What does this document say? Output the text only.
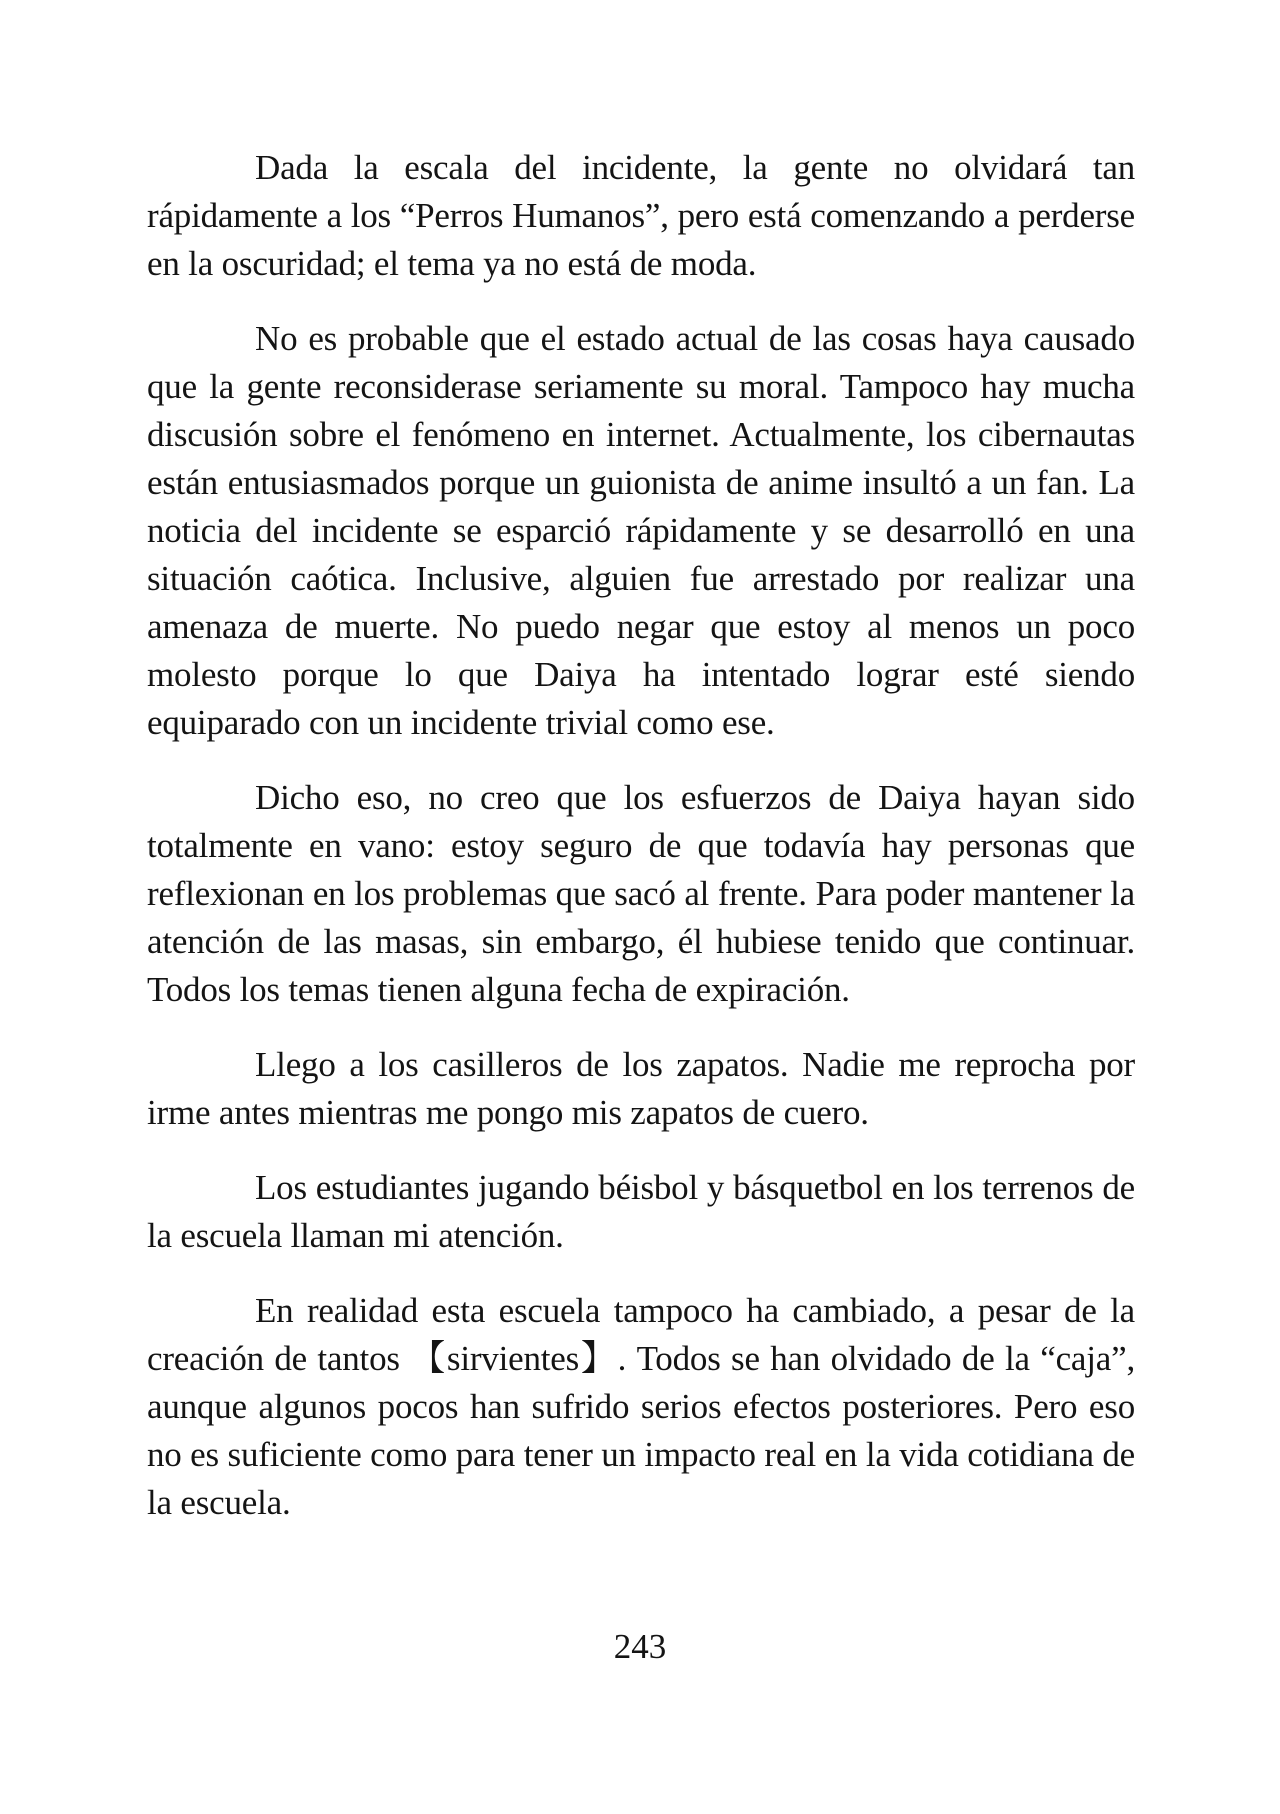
Dada la escala del incidente, la gente no olvidará tan rápidamente a los “Perros Humanos”, pero está comenzando a perderse en la oscuridad; el tema ya no está de moda.

No es probable que el estado actual de las cosas haya causado que la gente reconsiderase seriamente su moral. Tampoco hay mucha discusión sobre el fenómeno en internet. Actualmente, los cibernautas están entusiasmados porque un guionista de anime insultó a un fan. La noticia del incidente se esparció rápidamente y se desarrolló en una situación caótica. Inclusive, alguien fue arrestado por realizar una amenaza de muerte. No puedo negar que estoy al menos un poco molesto porque lo que Daiya ha intentado lograr esté siendo equiparado con un incidente trivial como ese.

Dicho eso, no creo que los esfuerzos de Daiya hayan sido totalmente en vano: estoy seguro de que todavía hay personas que reflexionan en los problemas que sacó al frente. Para poder mantener la atención de las masas, sin embargo, él hubiese tenido que continuar. Todos los temas tienen alguna fecha de expiración.

Llego a los casilleros de los zapatos. Nadie me reprocha por irme antes mientras me pongo mis zapatos de cuero.

Los estudiantes jugando béisbol y básquetbol en los terrenos de la escuela llaman mi atención.

En realidad esta escuela tampoco ha cambiado, a pesar de la creación de tantos 【sirvientes】. Todos se han olvidado de la “caja”, aunque algunos pocos han sufrido serios efectos posteriores. Pero eso no es suficiente como para tener un impacto real en la vida cotidiana de la escuela.

243
